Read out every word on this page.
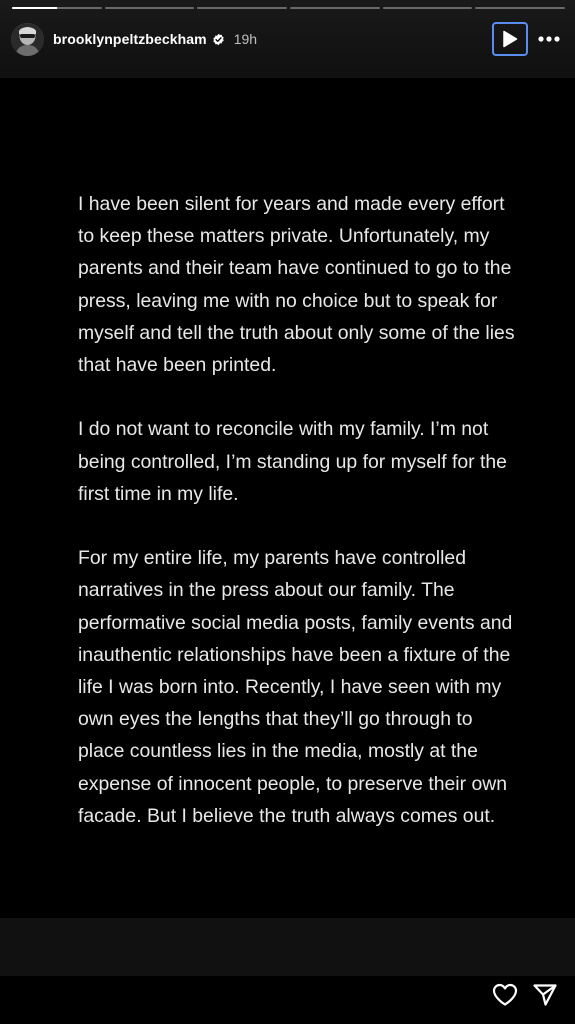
brooklynpeltzbeckham 19h

I have been silent for years and made every effort to keep these matters private. Unfortunately, my parents and their team have continued to go to the press, leaving me with no choice but to speak for myself and tell the truth about only some of the lies that have been printed.

I do not want to reconcile with my family. I’m not being controlled, I’m standing up for myself for the first time in my life.

For my entire life, my parents have controlled narratives in the press about our family. The performative social media posts, family events and inauthentic relationships have been a fixture of the life I was born into. Recently, I have seen with my own eyes the lengths that they’ll go through to place countless lies in the media, mostly at the expense of innocent people, to preserve their own facade. But I believe the truth always comes out.
